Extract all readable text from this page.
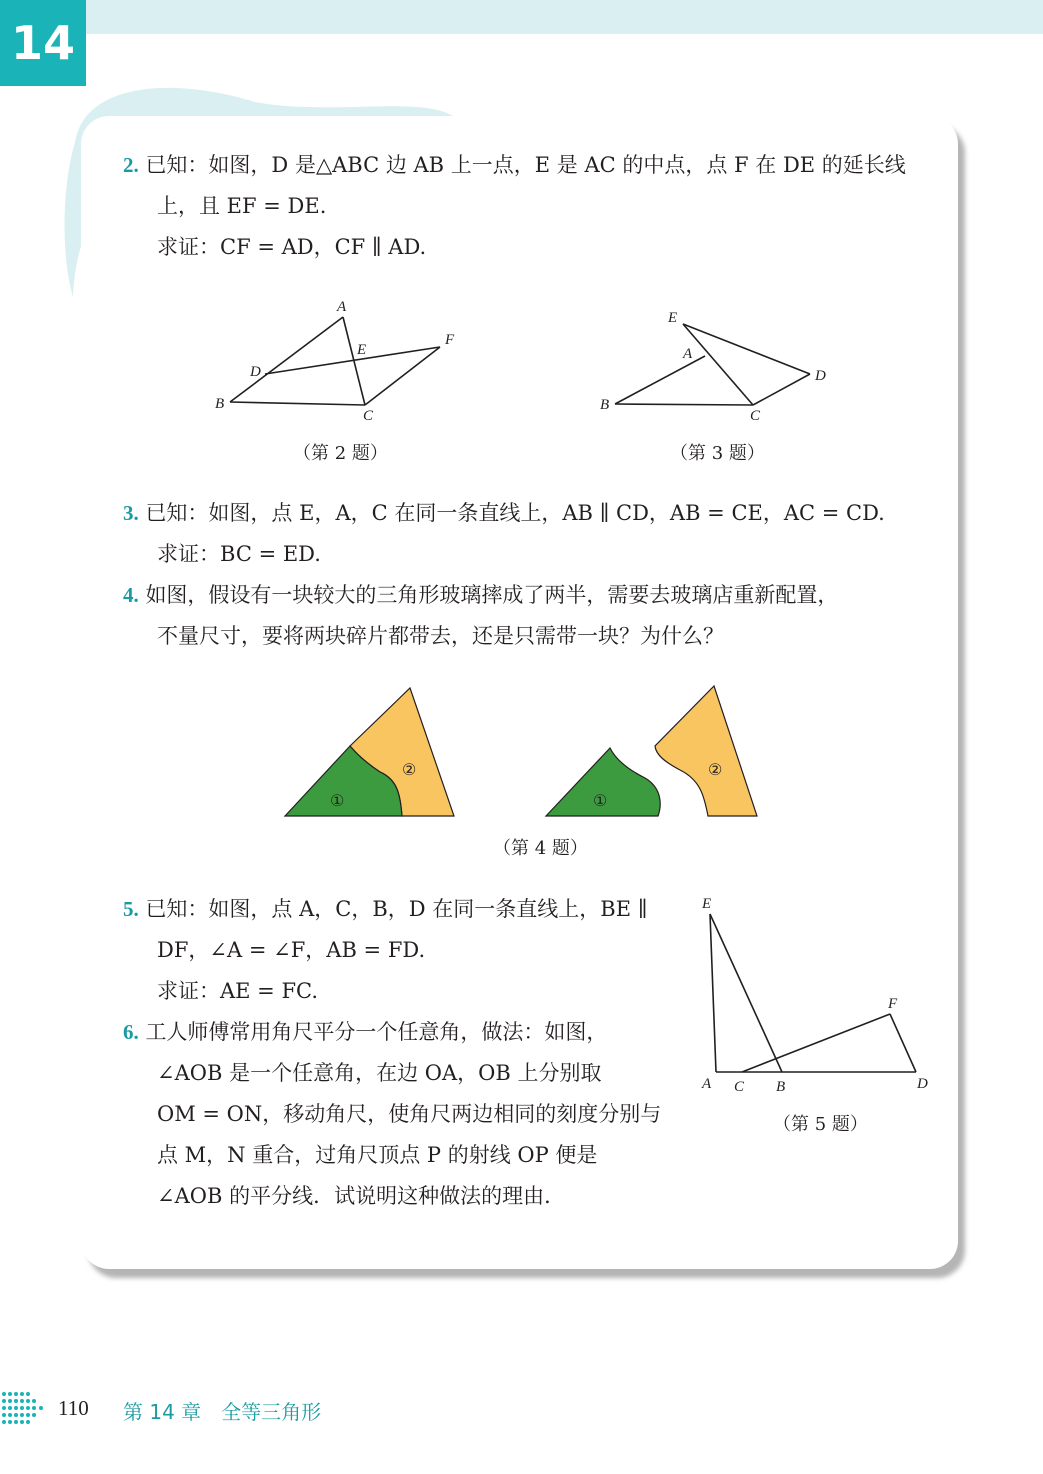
14

2. 已知：如图，D 是△ABC 边 AB 上一点，E 是 AC 的中点，点 F 在 DE 的延长线

上，且 EF = DE.

求证：CF = AD，CF ∥ AD.

A
B
C
D
E
F
（第 2 题）
E
A
B
C
D
（第 3 题）

3. 已知：如图，点 E，A，C 在同一条直线上，AB ∥ CD，AB = CE，AC = CD.

求证：BC = ED.

4. 如图，假设有一块较大的三角形玻璃摔成了两半，需要去玻璃店重新配置，

不量尺寸，要将两块碎片都带去，还是只需带一块？为什么？

①
②
①
②
（第 4 题）

5. 已知：如图，点 A，C，B，D 在同一条直线上，BE ∥

DF，∠A = ∠F，AB = FD.

求证：AE = FC.

6. 工人师傅常用角尺平分一个任意角，做法：如图，

∠AOB 是一个任意角，在边 OA，OB 上分别取

OM = ON，移动角尺，使角尺两边相同的刻度分别与

点 M，N 重合，过角尺顶点 P 的射线 OP 便是

∠AOB 的平分线．试说明这种做法的理由．

E
F
A C B	D
（第 5 题）
110 第 14 章　全等三角形
